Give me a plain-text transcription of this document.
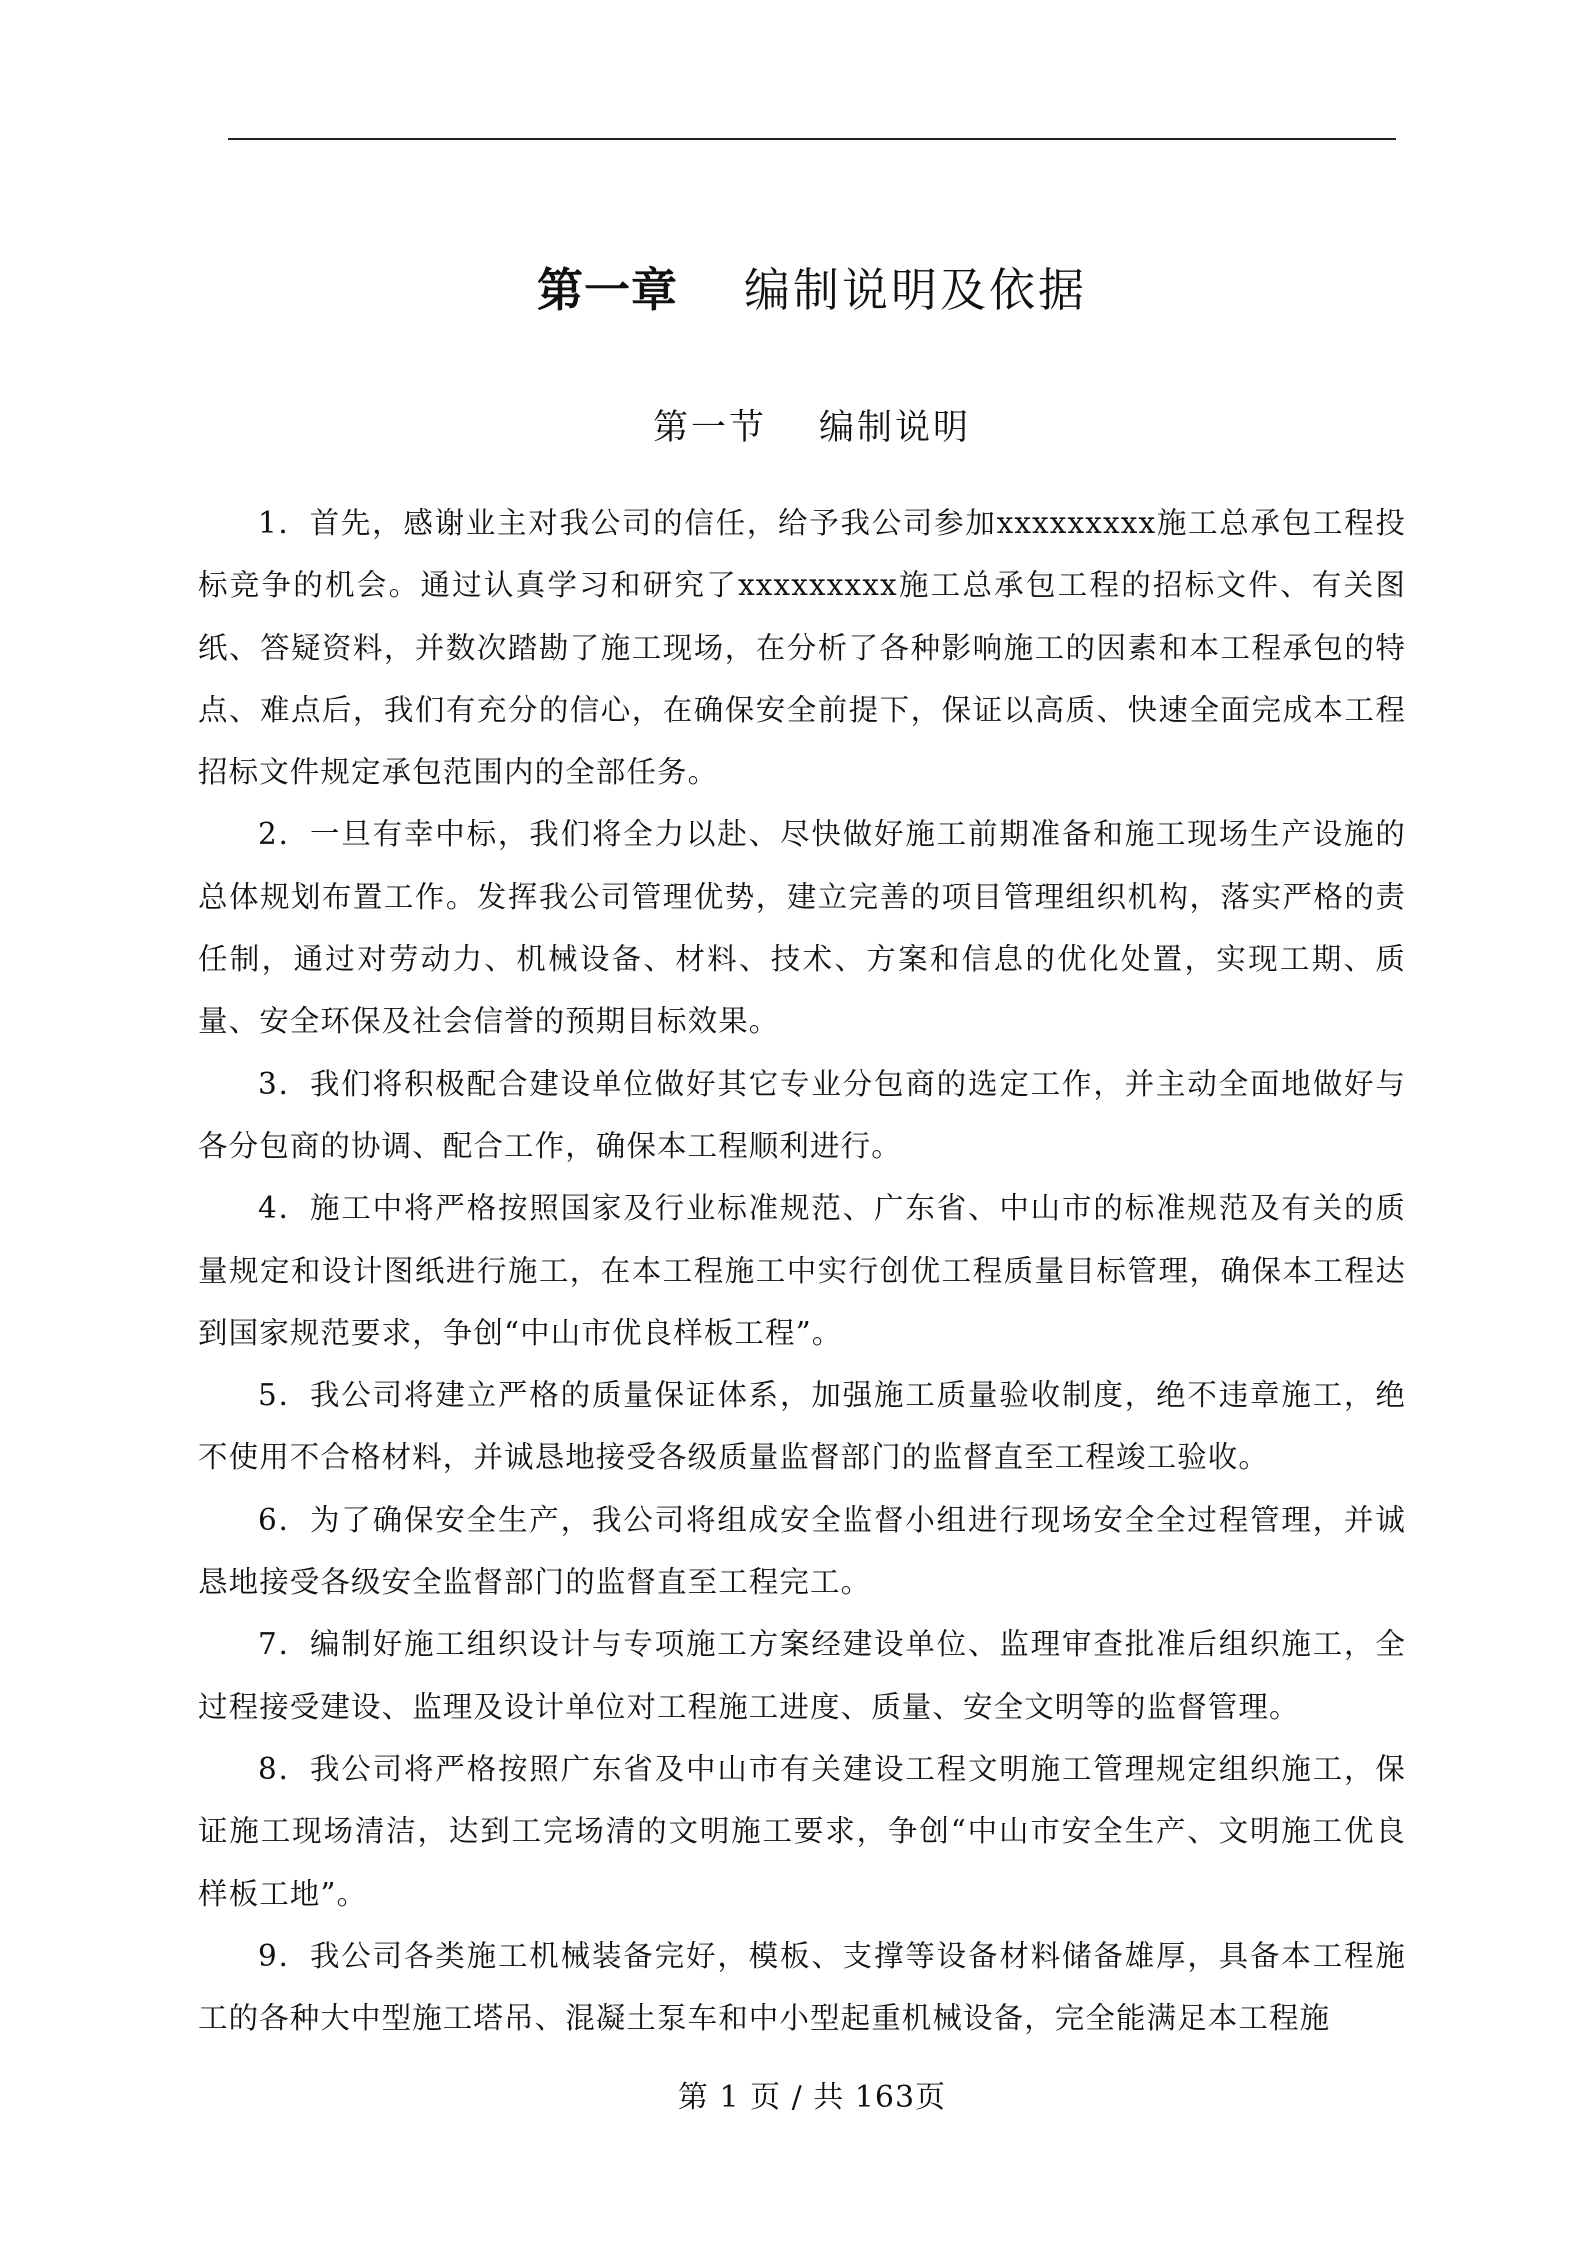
第一章 编制说明及依据
第一节 编制说明

1．首先，感谢业主对我公司的信任，给予我公司参加xxxxxxxxx施工总承包工程投标竞争的机会。通过认真学习和研究了xxxxxxxxx施工总承包工程的招标文件、有关图纸、答疑资料，并数次踏勘了施工现场，在分析了各种影响施工的因素和本工程承包的特点、难点后，我们有充分的信心，在确保安全前提下，保证以高质、快速全面完成本工程招标文件规定承包范围内的全部任务。

2．一旦有幸中标，我们将全力以赴、尽快做好施工前期准备和施工现场生产设施的总体规划布置工作。发挥我公司管理优势，建立完善的项目管理组织机构，落实严格的责任制，通过对劳动力、机械设备、材料、技术、方案和信息的优化处置，实现工期、质量、安全环保及社会信誉的预期目标效果。

3．我们将积极配合建设单位做好其它专业分包商的选定工作，并主动全面地做好与各分包商的协调、配合工作，确保本工程顺利进行。

4．施工中将严格按照国家及行业标准规范、广东省、中山市的标准规范及有关的质量规定和设计图纸进行施工，在本工程施工中实行创优工程质量目标管理，确保本工程达到国家规范要求，争创“中山市优良样板工程”。

5．我公司将建立严格的质量保证体系，加强施工质量验收制度，绝不违章施工，绝不使用不合格材料，并诚恳地接受各级质量监督部门的监督直至工程竣工验收。

6．为了确保安全生产，我公司将组成安全监督小组进行现场安全全过程管理，并诚恳地接受各级安全监督部门的监督直至工程完工。

7．编制好施工组织设计与专项施工方案经建设单位、监理审查批准后组织施工，全过程接受建设、监理及设计单位对工程施工进度、质量、安全文明等的监督管理。

8．我公司将严格按照广东省及中山市有关建设工程文明施工管理规定组织施工，保证施工现场清洁，达到工完场清的文明施工要求，争创“中山市安全生产、文明施工优良样板工地”。

9．我公司各类施工机械装备完好，模板、支撑等设备材料储备雄厚，具备本工程施工的各种大中型施工塔吊、混凝土泵车和中小型起重机械设备，完全能满足本工程施

第 1 页 / 共 163页
